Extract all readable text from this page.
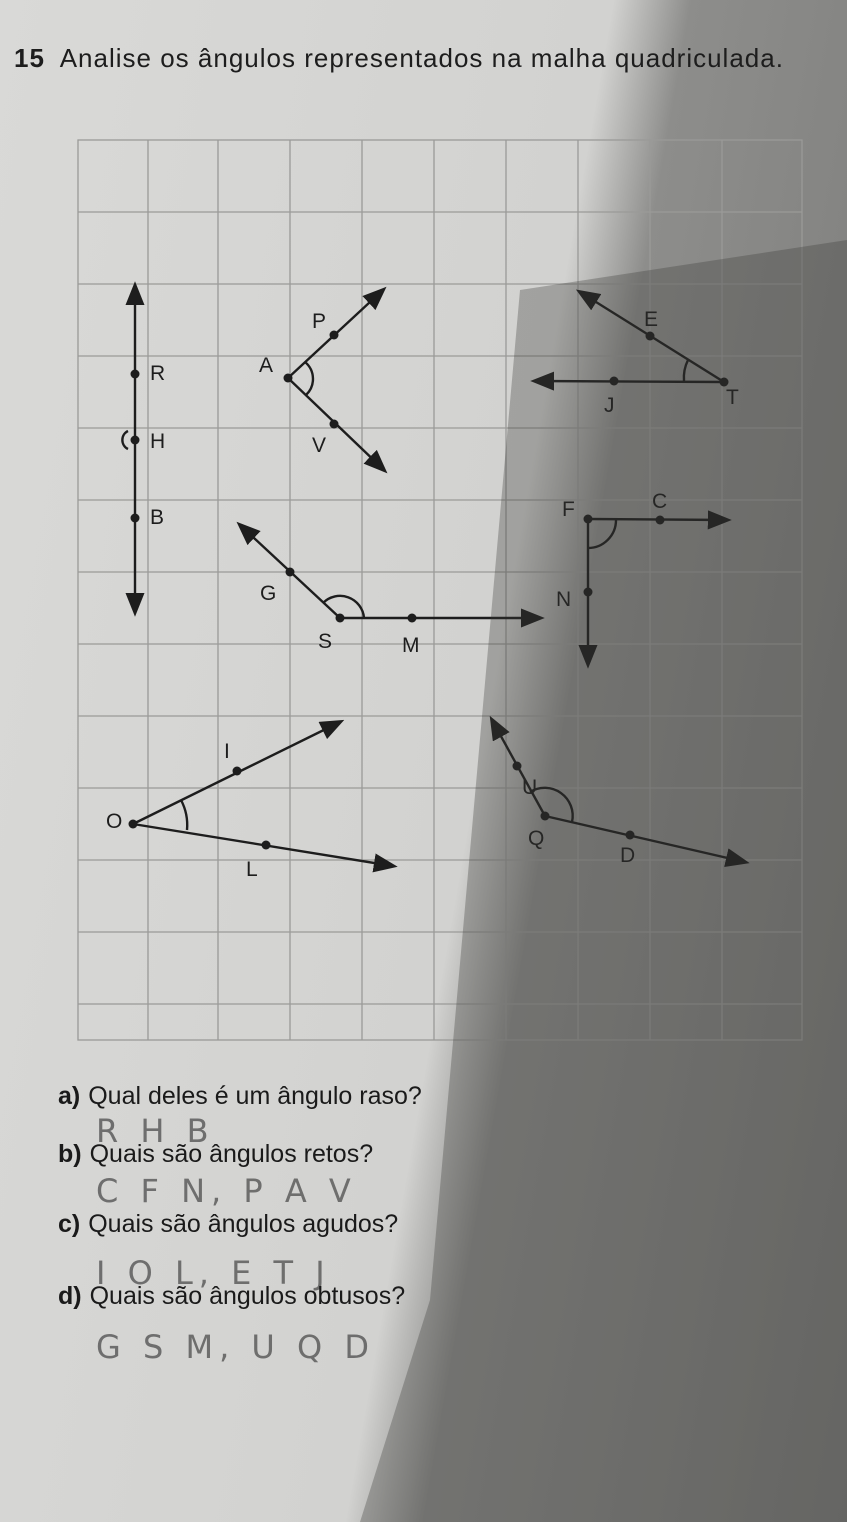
15 Analise os ângulos representados na malha quadriculada.
R
H
B
P
A
V
E
J	T
F	C
N
G
S	M
I
O
L
U
Q
D
a) Qual deles é um ângulo raso?
R H B
b) Quais são ângulos retos?
C F N, P A V
c) Quais são ângulos agudos?
I O L, E T J
d) Quais são ângulos obtusos?
G S M, U Q D
